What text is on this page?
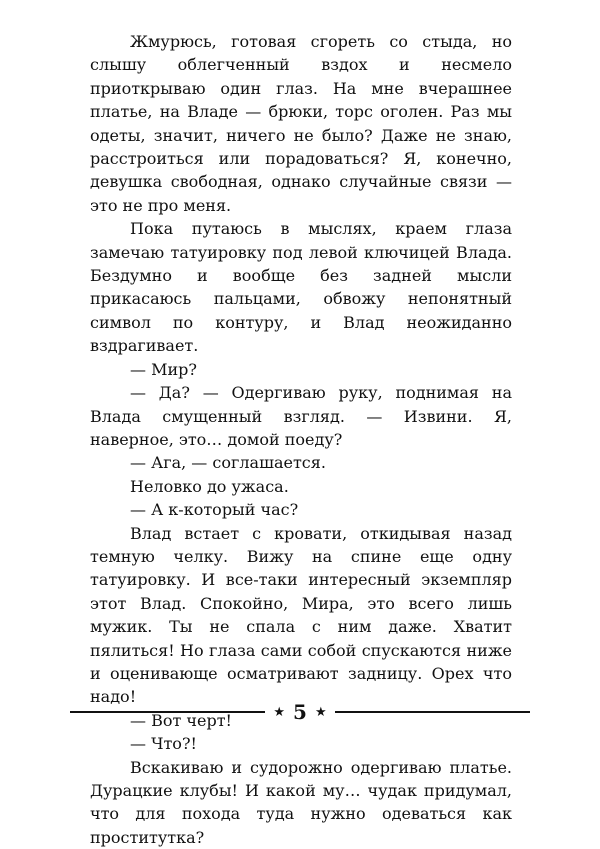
Жмурюсь, готовая сгореть со стыда, но слышу облегченный вздох и несмело приоткрываю один глаз. На мне вчерашнее платье, на Владе — брюки, торс оголен. Раз мы одеты, значит, ничего не было? Даже не знаю, расстроиться или порадоваться? Я, конечно, девушка свободная, однако случайные связи — это не про меня.

Пока путаюсь в мыслях, краем глаза замечаю татуировку под левой ключицей Влада. Бездумно и вообще без задней мысли прикасаюсь пальцами, обвожу непонятный символ по контуру, и Влад неожиданно вздрагивает.

— Мир?

— Да? — Одергиваю руку, поднимая на Влада смущенный взгляд. — Извини. Я, наверное, это… домой поеду?

— Ага, — соглашается.

Неловко до ужаса.

— А к-который час?

Влад встает с кровати, откидывая назад темную челку. Вижу на спине еще одну татуировку. И все-таки интересный экземпляр этот Влад. Спокойно, Мира, это всего лишь мужик. Ты не спала с ним даже. Хватит пялиться! Но глаза сами собой спускаются ниже и оценивающе осматривают задницу. Орех что надо!

— Вот черт!

— Что?!

Вскакиваю и судорожно одергиваю платье. Дурацкие клубы! И какой му… чудак придумал, что для похода туда нужно одеваться как проститутка?

★ 5 ★
